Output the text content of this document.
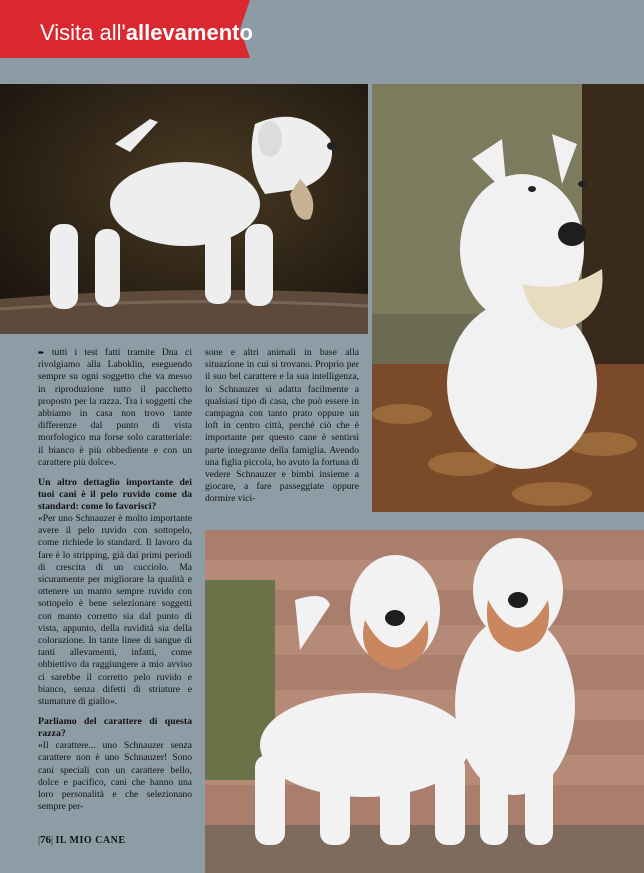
Visita all'allevamento

➨ tutti i test fatti tramite Dna ci rivolgiamo alla Laboklin, eseguendo sempre su ogni soggetto che va messo in riproduzione tutto il pacchetto proposto per la razza. Tra i soggetti che abbiamo in casa non trovo tante differenze dal punto di vista morfologico ma forse solo caratteriale: il bianco è più obbediente e con un carattere più dolce».

Un altro dettaglio importante dei tuoi cani è il pelo ruvido come da standard: come lo favorisci?

«Per uno Schnauzer è molto importante avere il pelo ruvido con sottopelo, come richiede lo standard. Il lavoro da fare è lo stripping, già dai primi periodi di crescita di un cucciolo. Ma sicuramente per migliorare la qualità e ottenere un manto sempre ruvido con sottopelo è bene selezionare soggetti con manto corretto sia dal punto di vista, appunto, della ruvidità sia della colorazione. In tante linee di sangue di tanti allevamenti, infatti, come obbiettivo da raggiungere a mio avviso ci sarebbe il corretto pelo ruvido e bianco, senza difetti di striature e stumature di giallo».

Parliamo del carattere di questa razza?

«Il carattere... uno Schnauzer senza carattere non è uno Schnauzer! Sono cani speciali con un carattere bello, dolce e pacifico, cani che hanno una loro personalità e che selezionano sempre per-

sone e altri animali in base alla situazione in cui si trovano. Proprio per il suo bel carattere e la sua intelligenza, lo Schnauzer si adatta facilmente a qualsiasi tipo di casa, che può essere in campagna con tanto prato oppure un loft in centro città, perché ciò che è importante per questo cane è sentirsi parte integrante della famiglia. Avendo una figlia piccola, ho avuto la fortuna di vedere Schnauzer e bimbi insieme a giocare, a fare passeggiate oppure dormire vici-

|76| IL MIO CANE
